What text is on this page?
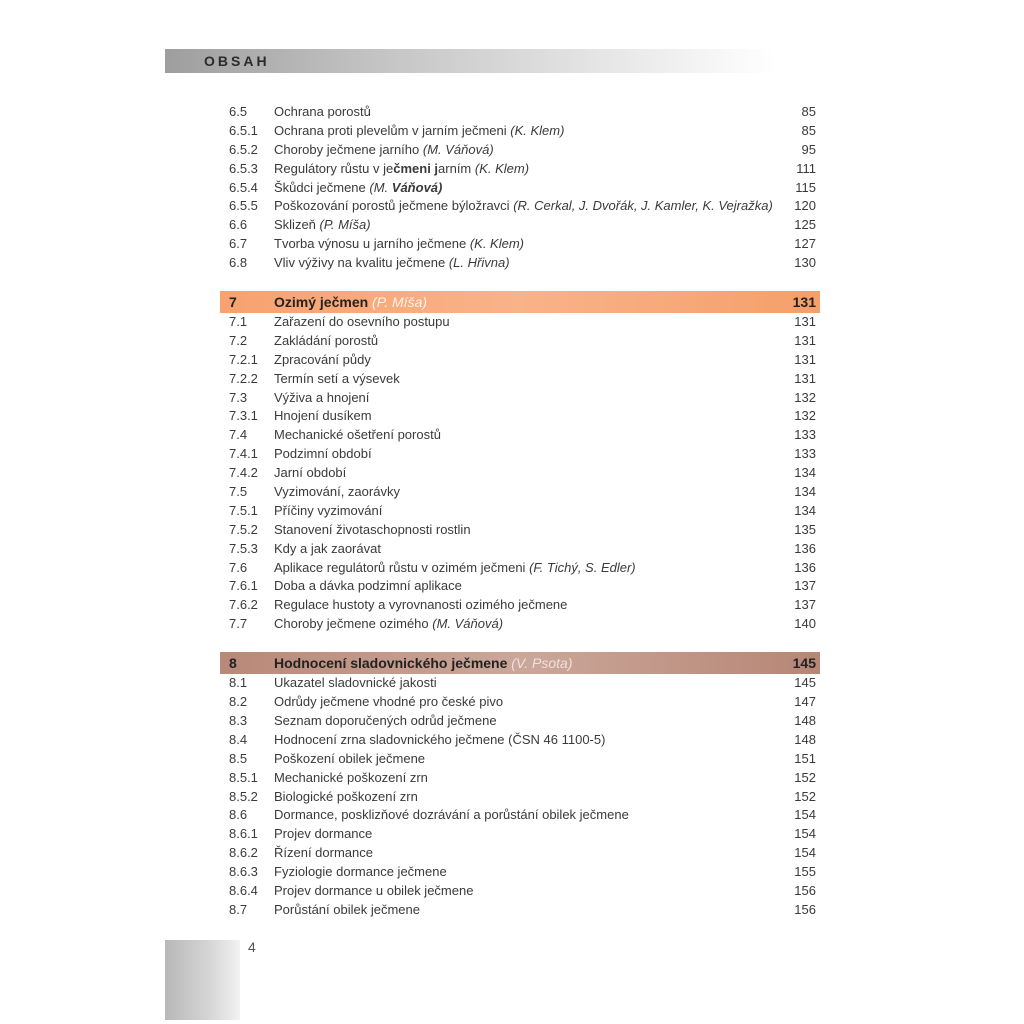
OBSAH
6.5 Ochrana porostů	85
6.5.1 Ochrana proti plevelům v jarním ječmeni (K. Klem)	85
6.5.2 Choroby ječmene jarního (M. Váňová)	95
6.5.3 Regulátory růstu v ječmeni jarním (K. Klem)	111
6.5.4 Škůdci ječmene (M. Váňová)	115
6.5.5 Poškozování porostů ječmene býložravci (R. Cerkal, J. Dvořák, J. Kamler, K. Vejražka) 120
6.6 Sklizeň (P. Míša)	125
6.7 Tvorba výnosu u jarního ječmene (K. Klem)	127
6.8 Vliv výživy na kvalitu ječmene (L. Hřivna)	130
7	Ozimý ječmen (P. Míša)	131
7.1 Zařazení do osevního postupu	131
7.2 Zakládání porostů	131
7.2.1 Zpracování půdy	131
7.2.2 Termín setí a výsevek	131
7.3 Výživa a hnojení	132
7.3.1 Hnojení dusíkem	132
7.4 Mechanické ošetření porostů	133
7.4.1 Podzimní období	133
7.4.2 Jarní období	134
7.5 Vyzimování, zaorávky	134
7.5.1 Příčiny vyzimování	134
7.5.2 Stanovení životaschopnosti rostlin	135
7.5.3 Kdy a jak zaorávat	136
7.6 Aplikace regulátorů růstu v ozimém ječmeni (F. Tichý, S. Edler)	136
7.6.1 Doba a dávka podzimní aplikace	137
7.6.2 Regulace hustoty a vyrovnanosti ozimého ječmene	137
7.7 Choroby ječmene ozimého (M. Váňová)	140
8	Hodnocení sladovnického ječmene (V. Psota)	145
8.1 Ukazatel sladovnické jakosti	145
8.2 Odrůdy ječmene vhodné pro české pivo	147
8.3 Seznam doporučených odrůd ječmene	148
8.4 Hodnocení zrna sladovnického ječmene (ČSN 46 1100-5)	148
8.5 Poškození obilek ječmene	151
8.5.1 Mechanické poškození zrn	152
8.5.2 Biologické poškození zrn	152
8.6 Dormance, posklizňové dozrávání a porůstání obilek ječmene	154
8.6.1 Projev dormance	154
8.6.2 Řízení dormance	154
8.6.3 Fyziologie dormance ječmene	155
8.6.4 Projev dormance u obilek ječmene	156
8.7 Porůstání obilek ječmene	156
4
